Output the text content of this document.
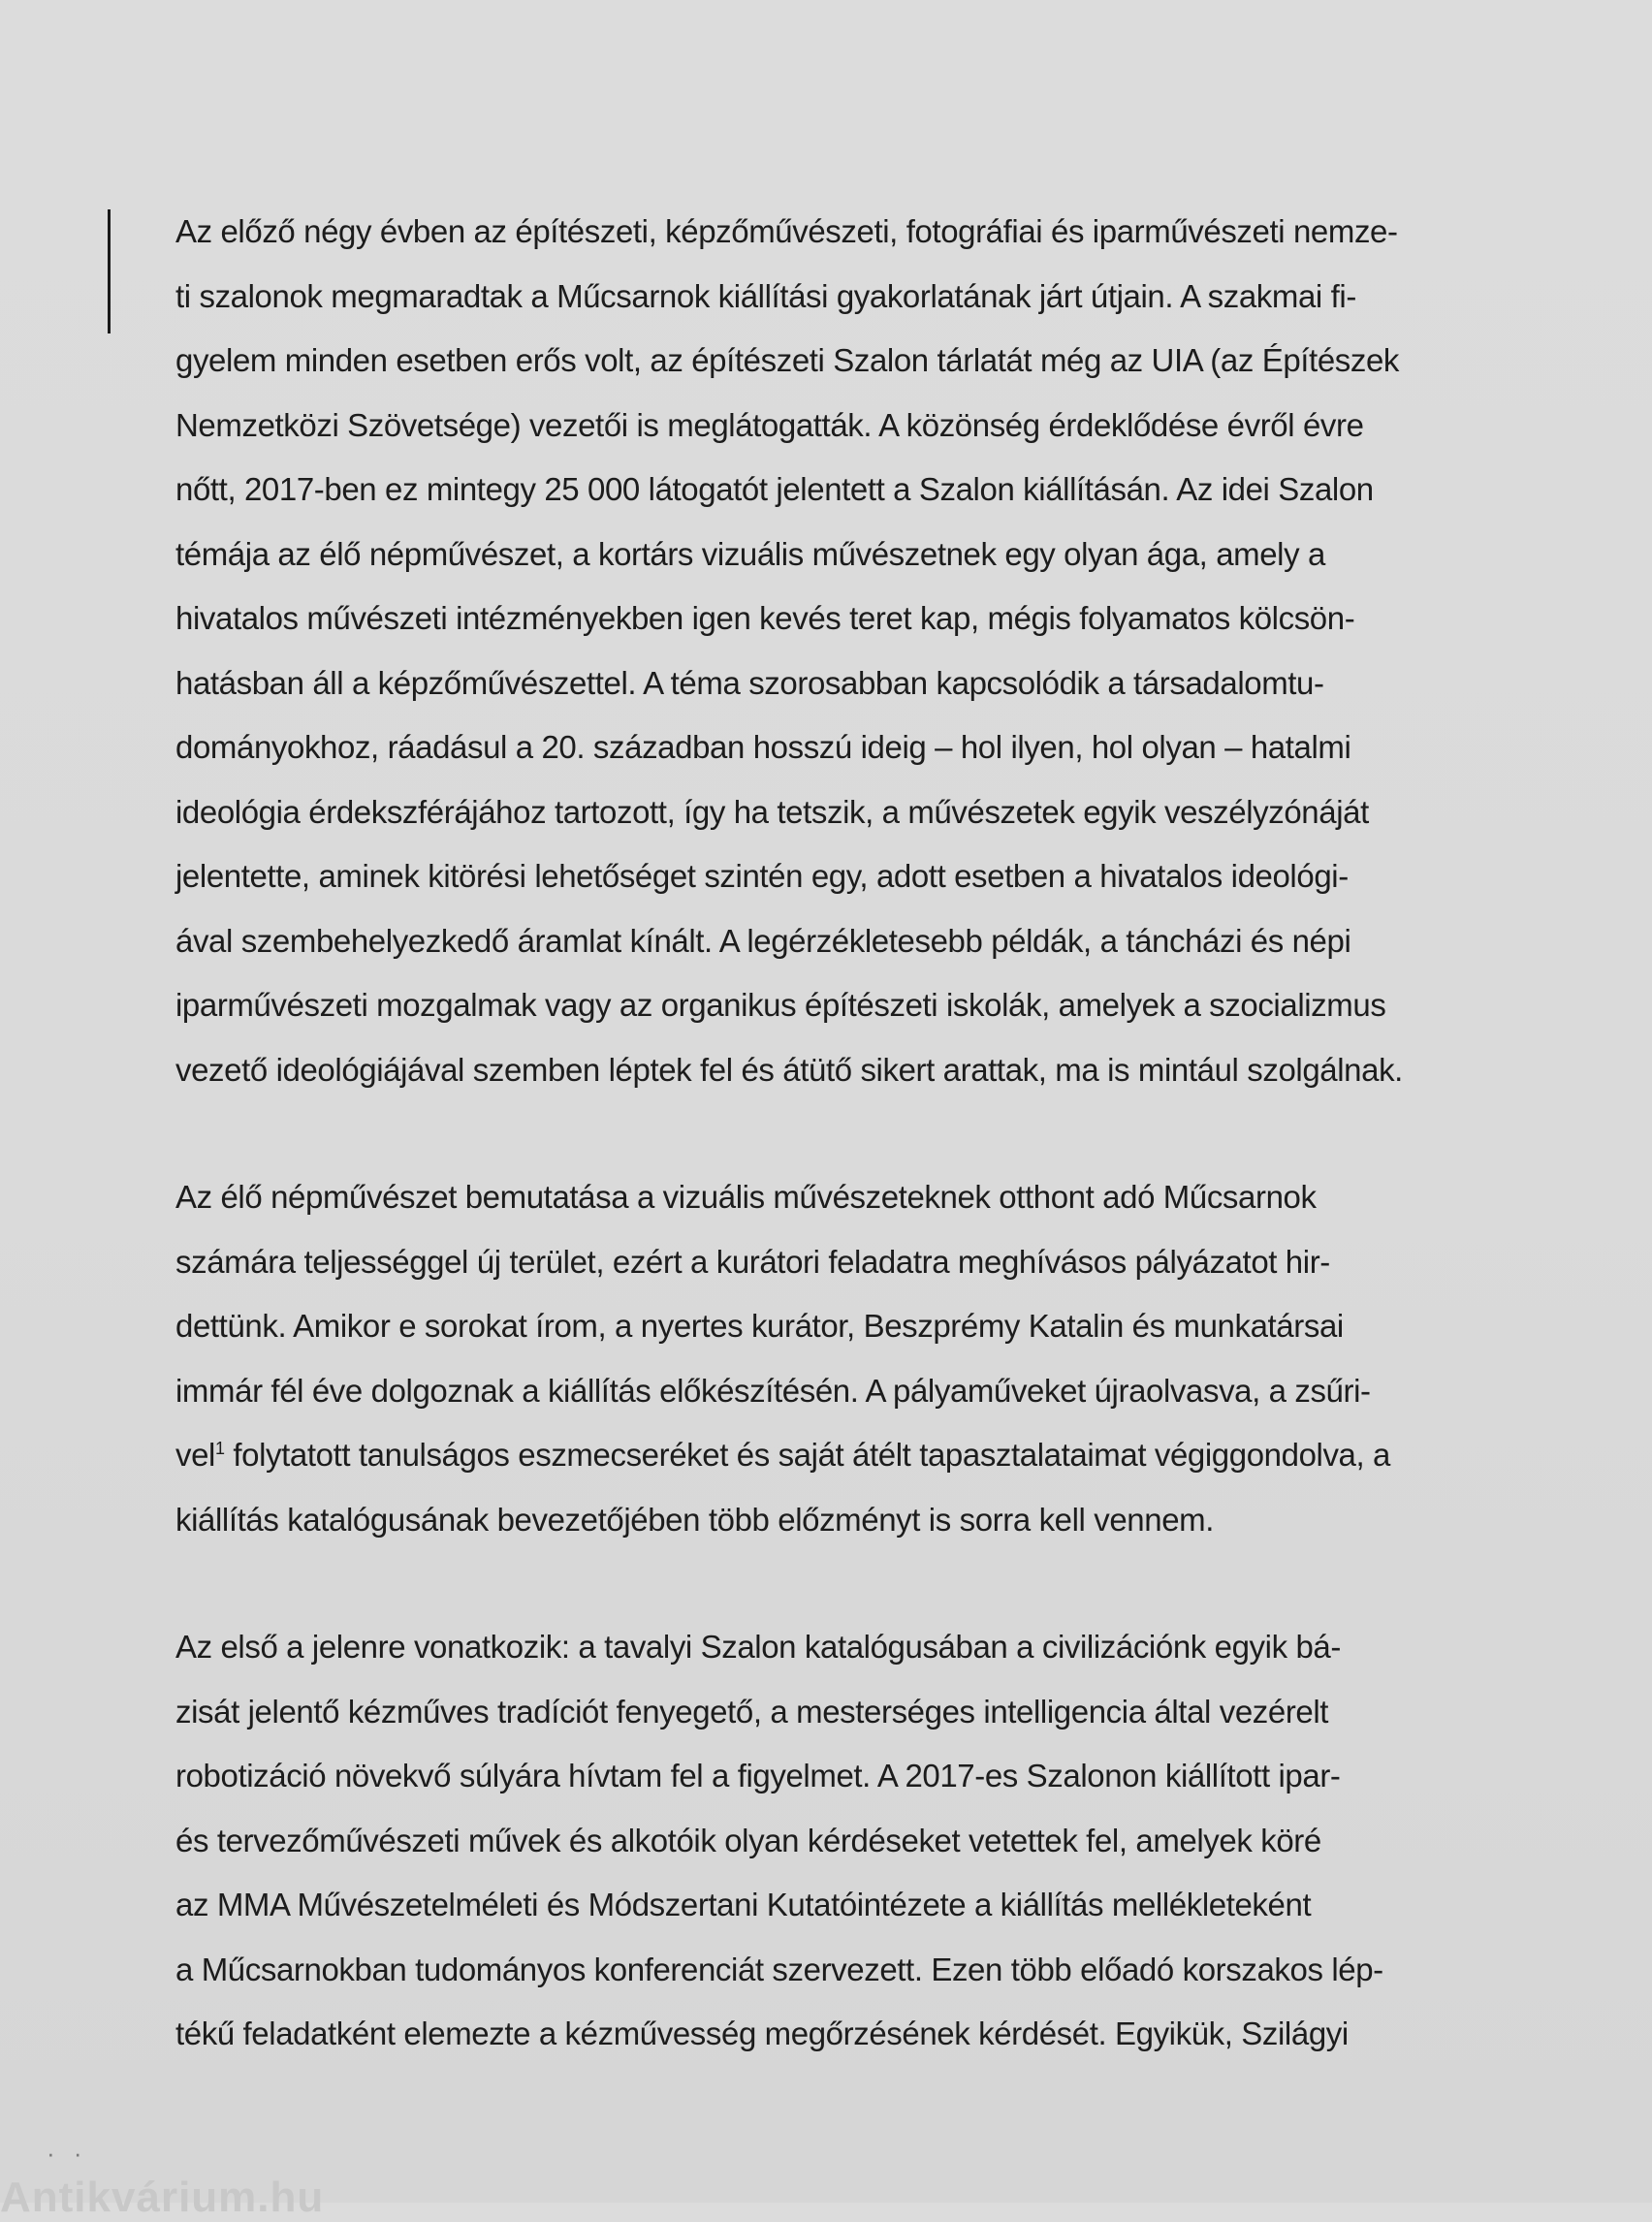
Az előző négy évben az építészeti, képzőművészeti, fotográfiai és iparművészeti nemze-
ti szalonok megmaradtak a Műcsarnok kiállítási gyakorlatának járt útjain. A szakmai fi-
gyelem minden esetben erős volt, az építészeti Szalon tárlatát még az UIA (az Építészek
Nemzetközi Szövetsége) vezetői is meglátogatták. A közönség érdeklődése évről évre
nőtt, 2017-ben ez mintegy 25 000 látogatót jelentett a Szalon kiállításán. Az idei Szalon
témája az élő népművészet, a kortárs vizuális művészetnek egy olyan ága, amely a
hivatalos művészeti intézményekben igen kevés teret kap, mégis folyamatos kölcsön-
hatásban áll a képzőművészettel. A téma szorosabban kapcsolódik a társadalomtu-
dományokhoz, ráadásul a 20. században hosszú ideig – hol ilyen, hol olyan – hatalmi
ideológia érdekszférájához tartozott, így ha tetszik, a művészetek egyik veszélyzónáját
jelentette, aminek kitörési lehetőséget szintén egy, adott esetben a hivatalos ideológi-
ával szembehelyezkedő áramlat kínált. A legérzékletesebb példák, a táncházi és népi
iparművészeti mozgalmak vagy az organikus építészeti iskolák, amelyek a szocializmus
vezető ideológiájával szemben léptek fel és átütő sikert arattak, ma is mintául szolgálnak.
Az élő népművészet bemutatása a vizuális művészeteknek otthont adó Műcsarnok
számára teljességgel új terület, ezért a kurátori feladatra meghívásos pályázatot hir-
dettünk. Amikor e sorokat írom, a nyertes kurátor, Beszprémy Katalin és munkatársai
immár fél éve dolgoznak a kiállítás előkészítésén. A pályaműveket újraolvasva, a zsűri-
vel$^1$ folytatott tanulságos eszmecseréket és saját átélt tapasztalataimat végiggondolva, a
kiállítás katalógusának bevezetőjében több előzményt is sorra kell vennem.
Az első a jelenre vonatkozik: a tavalyi Szalon katalógusában a civilizációnk egyik bá-
zisát jelentő kézműves tradíciót fenyegető, a mesterséges intelligencia által vezérelt
robotizáció növekvő súlyára hívtam fel a figyelmet. A 2017-es Szalonon kiállított ipar-
és tervezőművészeti művek és alkotóik olyan kérdéseket vetettek fel, amelyek köré
az MMA Művészetelméleti és Módszertani Kutatóintézete a kiállítás mellékleteként
a Műcsarnokban tudományos konferenciát szervezett. Ezen több előadó korszakos lép-
tékű feladatként elemezte a kézművesség megőrzésének kérdését. Egyikük, Szilágyi
· ·
Antikvárium.hu
